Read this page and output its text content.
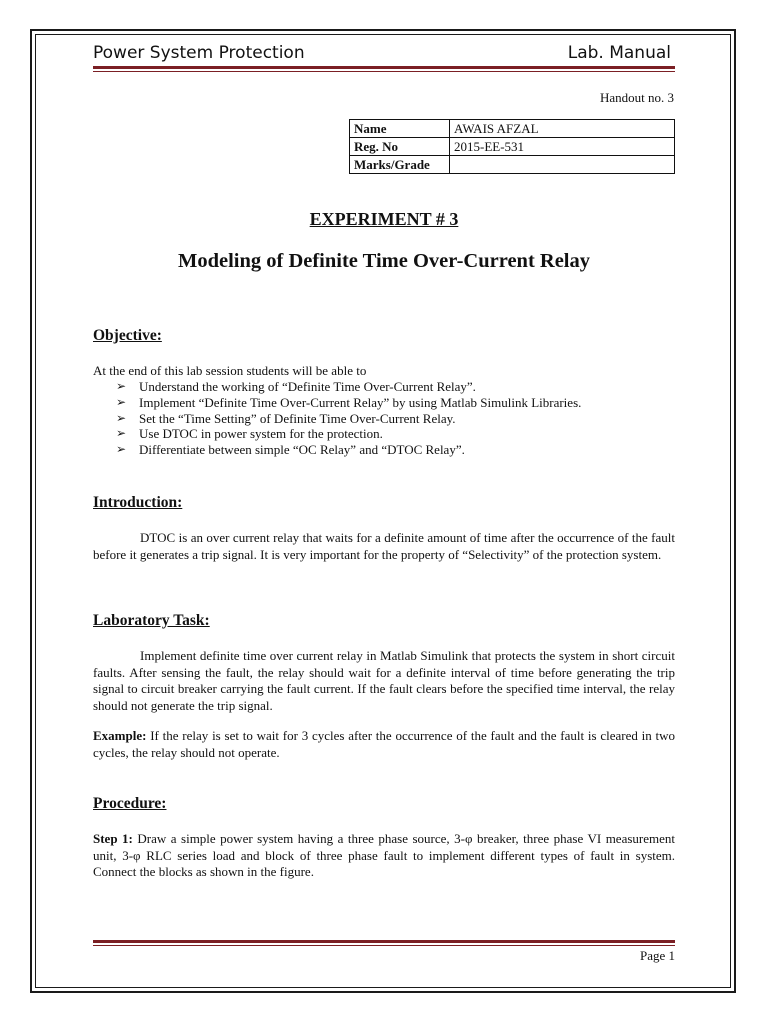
Power System Protection	Lab. Manual
Handout no. 3
Name	AWAIS AFZAL
Reg. No	2015-EE-531
Marks/Grade	
EXPERIMENT # 3
Modeling of Definite Time Over-Current Relay
Objective:
At the end of this lab session students will be able to
➢ Understand the working of “Definite Time Over-Current Relay”.
➢ Implement “Definite Time Over-Current Relay” by using Matlab Simulink Libraries.
➢ Set the “Time Setting” of Definite Time Over-Current Relay.
➢ Use DTOC in power system for the protection.
➢ Differentiate between simple “OC Relay” and “DTOC Relay”.
Introduction:
DTOC is an over current relay that waits for a definite amount of time after the occurrence of the fault before it generates a trip signal. It is very important for the property of “Selectivity” of the protection system.
Laboratory Task:
Implement definite time over current relay in Matlab Simulink that protects the system in short circuit faults. After sensing the fault, the relay should wait for a definite interval of time before generating the trip signal to circuit breaker carrying the fault current. If the fault clears before the specified time interval, the relay should not generate the trip signal.
Example: If the relay is set to wait for 3 cycles after the occurrence of the fault and the fault is cleared in two cycles, the relay should not operate.
Procedure:
Step 1: Draw a simple power system having a three phase source, 3-φ breaker, three phase VI measurement unit, 3-φ RLC series load and block of three phase fault to implement different types of fault in system. Connect the blocks as shown in the figure.
Page 1
